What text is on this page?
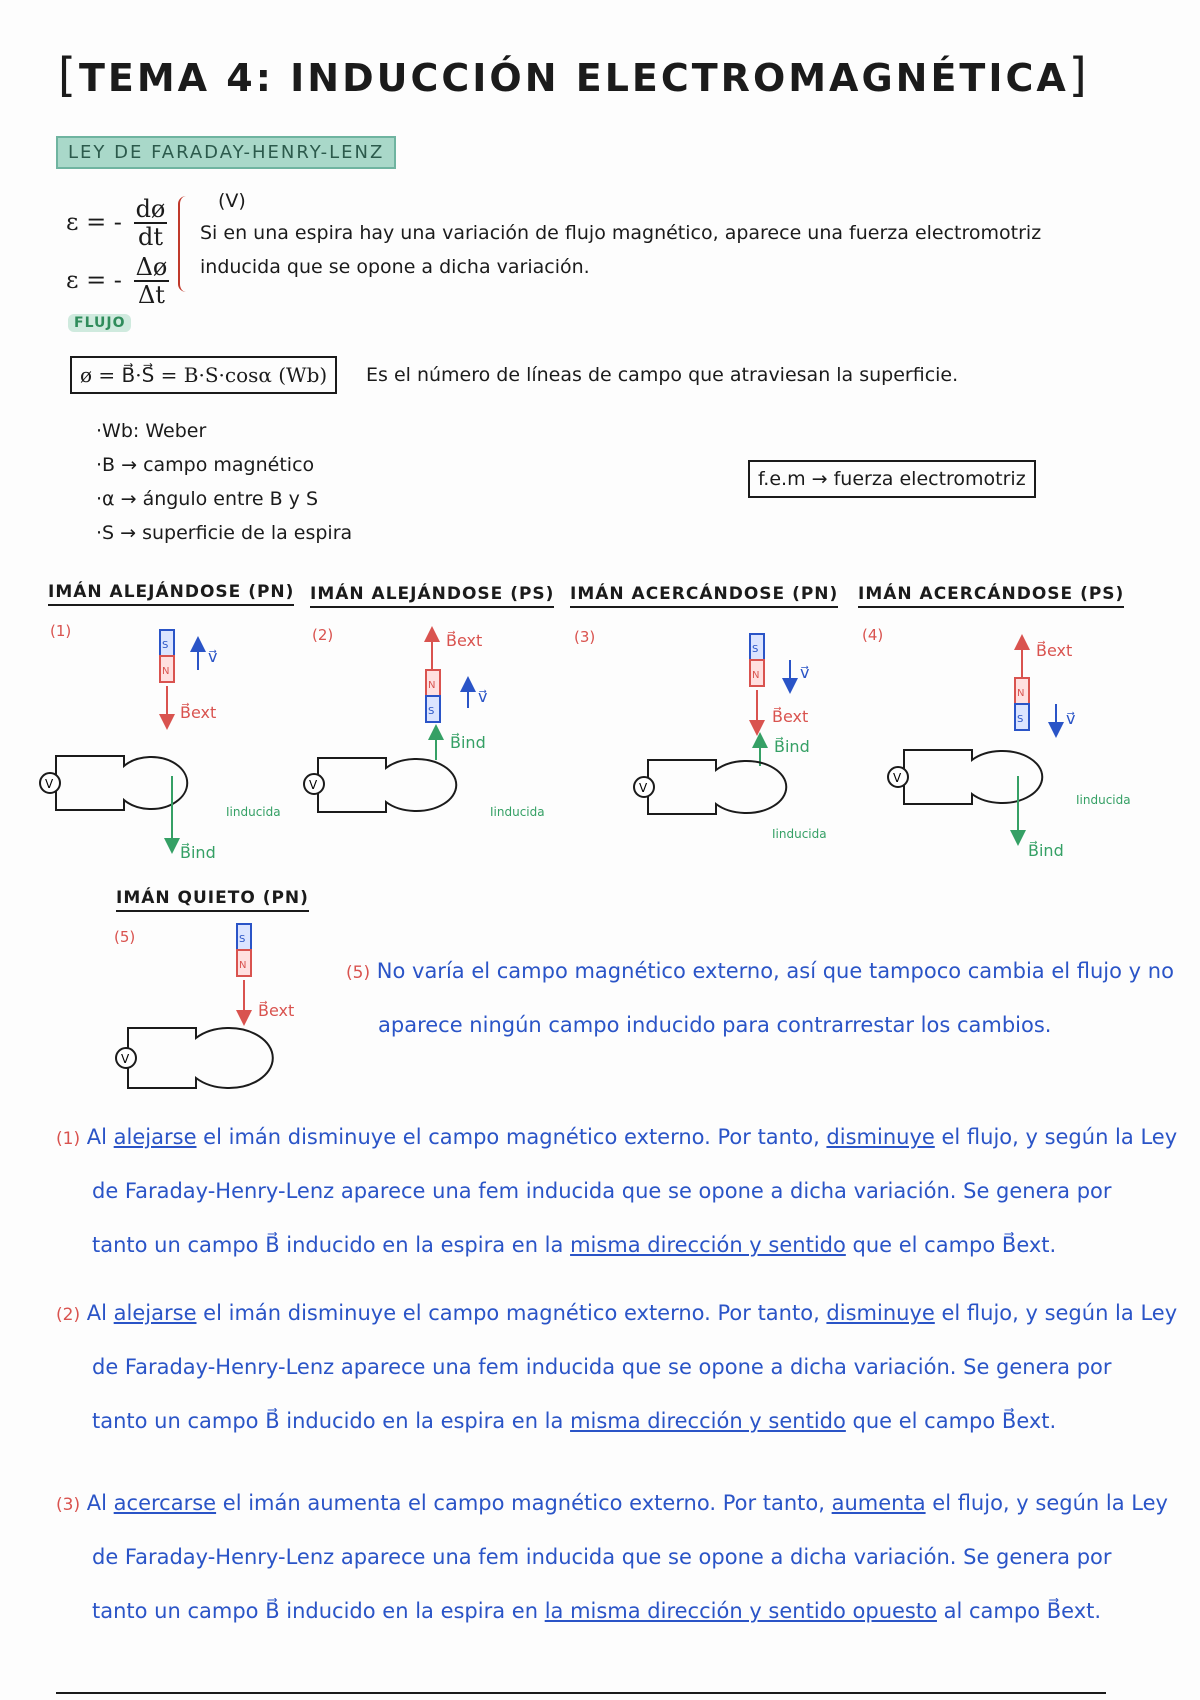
[TEMA 4: INDUCCIÓN ELECTROMAGNÉTICA]
LEY DE FARADAY-HENRY-LENZ
ε = - $\frac{dø}{dt}$
ε = - $\frac{\Delta ø}{\Delta t}$
(V)
Si en una espira hay una variación de flujo magnético, aparece una fuerza electromotriz
inducida que se opone a dicha variación.
FLUJO
ø = B⃗·S⃗ = B·S·cosα (Wb)	Es el número de líneas de campo que atraviesan la superficie.
·Wb: Weber
·B → campo magnético
·α → ángulo entre B y S
·S → superficie de la espira
f.e.m → fuerza electromotriz
IMÁN ALEJÁNDOSE (PN) IMÁN ALEJÁNDOSE (PS) IMÁN ACERCÁNDOSE (PN) IMÁN ACERCÁNDOSE (PS)
IMÁN QUIETO (PN)
(1)	(2)	(3)	(4)
(5)
S
N
v⃗
B⃗ext
V
B⃗ind
Iinducida
B⃗ext
N
S
v⃗
B⃗ind
V
Iinducida
S
N	v⃗
B⃗ext
B⃗ind
V
Iinducida
B⃗ext
N
S	v⃗
V
B⃗ind
Iinducida
S
N
B⃗ext
V
(5) No varía el campo magnético externo, así que tampoco cambia el flujo y no
aparece ningún campo inducido para contrarrestar los cambios.
(1) Al alejarse el imán disminuye el campo magnético externo. Por tanto, disminuye el flujo, y según la Ley
de Faraday-Henry-Lenz aparece una fem inducida que se opone a dicha variación. Se genera por
tanto un campo B⃗ inducido en la espira en la misma dirección y sentido que el campo B⃗ext.
(2) Al alejarse el imán disminuye el campo magnético externo. Por tanto, disminuye el flujo, y según la Ley
de Faraday-Henry-Lenz aparece una fem inducida que se opone a dicha variación. Se genera por
tanto un campo B⃗ inducido en la espira en la misma dirección y sentido que el campo B⃗ext.
(3) Al acercarse el imán aumenta el campo magnético externo. Por tanto, aumenta el flujo, y según la Ley
de Faraday-Henry-Lenz aparece una fem inducida que se opone a dicha variación. Se genera por
tanto un campo B⃗ inducido en la espira en la misma dirección y sentido opuesto al campo B⃗ext.
